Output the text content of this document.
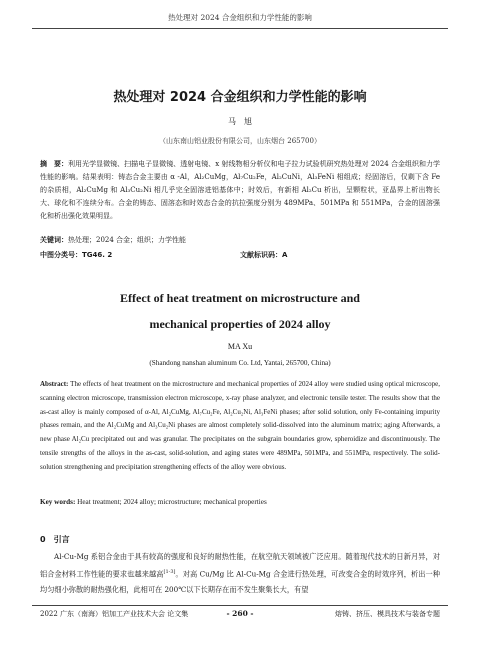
热处理对 2024 合金组织和力学性能的影响
热处理对 2024 合金组织和力学性能的影响
马　旭
（山东南山铝业股份有限公司，山东烟台 265700）
摘　要：利用光学显微镜、扫描电子显微镜、透射电镜、x 射线物相分析仪和电子拉力试验机研究热处理对 2024 合金组织和力学性能的影响。结果表明：铸态合金主要由 α -Al，Al₂CuMg，Al₇Cu₂Fe，Al₂CuNi，Al₃FeNi 相组成；经固溶后，仅剩下含 Fe 的杂质相，Al₂CuMg 和 Al₃Cu₂Ni 相几乎完全固溶进铝基体中；时效后，有新相 Al₂Cu 析出，呈颗粒状，亚晶界上析出物长大、球化和不连续分布。合金的铸态、固溶态和时效态合金的抗拉强度分别为 489MPa、501MPa 和 551MPa，合金的固溶强化和析出强化效果明显。
关键词：热处理；2024 合金；组织；力学性能
中图分类号：TG46. 2	文献标识码：A
Effect of heat treatment on microstructure and
mechanical properties of 2024 alloy
MA Xu
(Shandong nanshan aluminum Co. Ltd, Yantai, 265700, China)
Abstract: The effects of heat treatment on the microstructure and mechanical properties of 2024 alloy were studied using optical microscope, scanning electron microscope, transmission electron microscope, x-ray phase analyzer, and electronic tensile tester. The results show that the as-cast alloy is mainly composed of α-Al, Al₂CuMg, Al₇Cu₂Fe, Al₂Cu₂Ni, Al₃FeNi phases; after solid solution, only Fe-containing impurity phases remain, and the Al₂CuMg and Al₃Cu₂Ni phases are almost completely solid-dissolved into the aluminum matrix; aging Afterwards, a new phase Al₂Cu precipitated out and was granular. The precipitates on the subgrain boundaries grow, spheroidize and discontinuously. The tensile strengths of the alloys in the as-cast, solid-solution, and aging states were 489MPa, 501MPa, and 551MPa, respectively. The solid-solution strengthening and precipitation strengthening effects of the alloy were obvious.
Key words: Heat treatment; 2024 alloy; microstructure; mechanical properties
0　引言
Al-Cu-Mg 系铝合金由于具有较高的强度和良好的耐热性能，在航空航天领域被广泛应用。随着现代技术的日新月异，对铝合金材料工作性能的要求也越来越高[1-3]。对高 Cu/Mg 比 Al-Cu-Mg 合金进行热处理，可改变合金的时效序列，析出一种均匀细小弥散的耐热强化相，此相可在 200℃以下长期存在而不发生聚集长大，有望
2022 广东（南海）铝加工产业技术大会 论文集	- 260 -	熔铸、挤压、模具技术与装备专题
